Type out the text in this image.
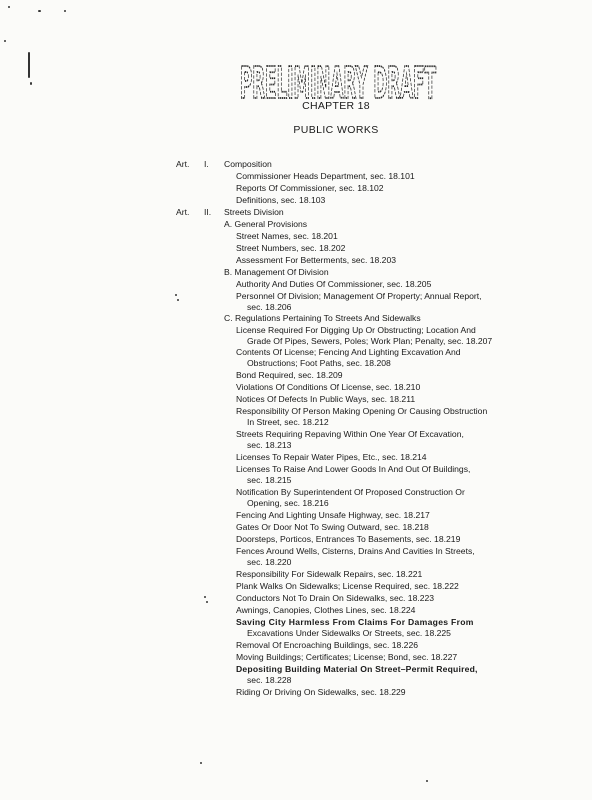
PRELIMINARY DRAFT
CHAPTER 18
PUBLIC WORKS
Art. I. Composition
Commissioner Heads Department, sec. 18.101
Reports Of Commissioner, sec. 18.102
Definitions, sec. 18.103
Art. II. Streets Division
A. General Provisions
Street Names, sec. 18.201
Street Numbers, sec. 18.202
Assessment For Betterments, sec. 18.203
B. Management Of Division
Authority And Duties Of Commissioner, sec. 18.205
Personnel Of Division; Management Of Property; Annual Report,
sec. 18.206
C. Regulations Pertaining To Streets And Sidewalks
License Required For Digging Up Or Obstructing; Location And
Grade Of Pipes, Sewers, Poles; Work Plan; Penalty, sec. 18.207
Contents Of License; Fencing And Lighting Excavation And
Obstructions; Foot Paths, sec. 18.208
Bond Required, sec. 18.209
Violations Of Conditions Of License, sec. 18.210
Notices Of Defects In Public Ways, sec. 18.211
Responsibility Of Person Making Opening Or Causing Obstruction
In Street, sec. 18.212
Streets Requiring Repaving Within One Year Of Excavation,
sec. 18.213
Licenses To Repair Water Pipes, Etc., sec. 18.214
Licenses To Raise And Lower Goods In And Out Of Buildings,
sec. 18.215
Notification By Superintendent Of Proposed Construction Or
Opening, sec. 18.216
Fencing And Lighting Unsafe Highway, sec. 18.217
Gates Or Door Not To Swing Outward, sec. 18.218
Doorsteps, Porticos, Entrances To Basements, sec. 18.219
Fences Around Wells, Cisterns, Drains And Cavities In Streets,
sec. 18.220
Responsibility For Sidewalk Repairs, sec. 18.221
Plank Walks On Sidewalks; License Required, sec. 18.222
Conductors Not To Drain On Sidewalks, sec. 18.223
Awnings, Canopies, Clothes Lines, sec. 18.224
Saving City Harmless From Claims For Damages From
Excavations Under Sidewalks Or Streets, sec. 18.225
Removal Of Encroaching Buildings, sec. 18.226
Moving Buildings; Certificates; License; Bond, sec. 18.227
Depositing Building Material On Street–Permit Required,
sec. 18.228
Riding Or Driving On Sidewalks, sec. 18.229
